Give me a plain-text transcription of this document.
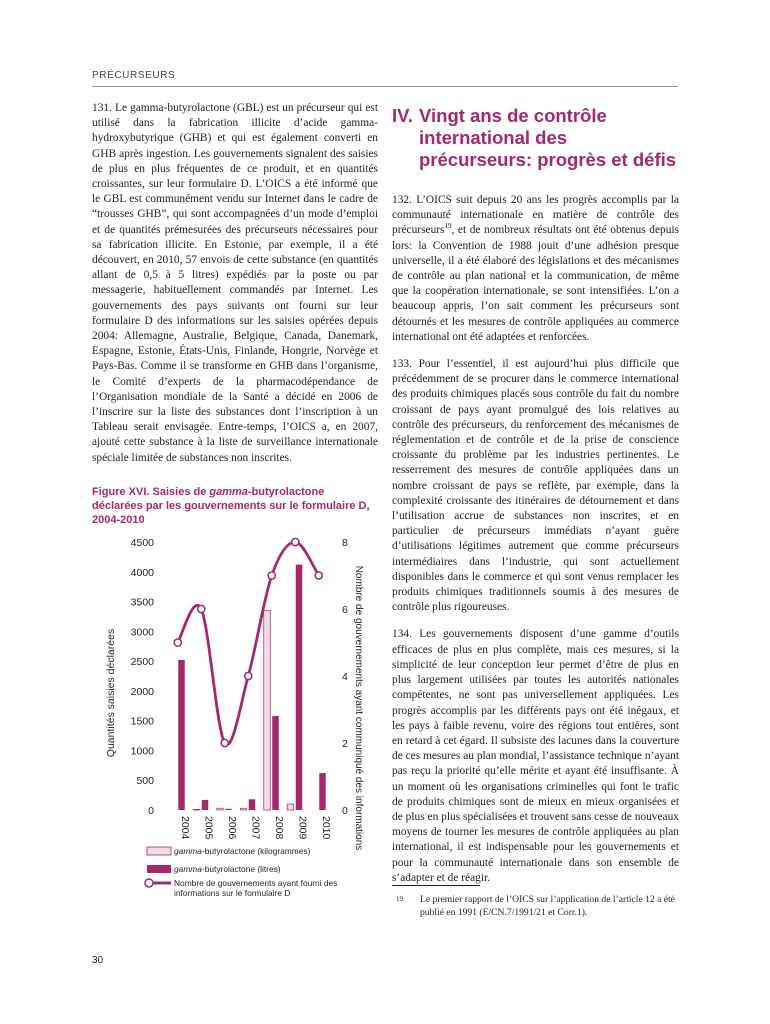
PRÉCURSEURS

131. Le gamma-butyrolactone (GBL) est un précurseur qui est utilisé dans la fabrication illicite d’acide gamma-hydroxybutyrique (GHB) et qui est également converti en GHB après ingestion. Les gouvernements signalent des saisies de plus en plus fréquentes de ce produit, et en quantités croissantes, sur leur formulaire D. L’OICS a été informé que le GBL est communément vendu sur Internet dans le cadre de “trousses GHB”, qui sont accompagnées d’un mode d’emploi et de quantités prémesurées des précurseurs nécessaires pour sa fabrication illicite. En Estonie, par exemple, il a été découvert, en 2010, 57 envois de cette substance (en quantités allant de 0,5 à 5 litres) expédiés par la poste ou par messagerie, habituellement commandés par Internet. Les gouvernements des pays suivants ont fourni sur leur formulaire D des informations sur les saisies opérées depuis 2004: Allemagne, Australie, Belgique, Canada, Danemark, Espagne, Estonie, États-Unis, Finlande, Hongrie, Norvège et Pays-Bas. Comme il se transforme en GHB dans l’organisme, le Comité d’experts de la pharmacodépendance de l’Organisation mondiale de la Santé a décidé en 2006 de l’inscrire sur la liste des substances dont l’inscription à un Tableau serait envisagée. Entre-temps, l’OICS a, en 2007, ajouté cette substance à la liste de surveillance internationale spéciale limitée de substances non inscrites.

Figure XVI. Saisies de gamma-butyrolactone déclarées par les gouvernements sur le formulaire D, 2004-2010
0
500
1000
1500
2000
2500
3000
3500
4000
4500
0
2
4
6
8
2004 2005 2006 2007 2008 2009 2010
Quantités saisies déclarées	Nombre de gouvernements ayant communiqué des informations
gamma-butyrolactone (kilogrammes)
gamma-butyrolactone (litres)
Nombre de gouvernements ayant fourni des informations sur le formulaire D
IV. Vingt ans de contrôle international des précurseurs: progrès et défis

132. L’OICS suit depuis 20 ans les progrès accomplis par la communauté internationale en matière de contrôle des précurseurs$^{19}$, et de nombreux résultats ont été obtenus depuis lors: la Convention de 1988 jouit d’une adhésion presque universelle, il a été élaboré des législations et des mécanismes de contrôle au plan national et la communication, de même que la coopération internationale, se sont intensifiées. L’on a beaucoup appris, l’on sait comment les précurseurs sont détournés et les mesures de contrôle appliquées au commerce international ont été adaptées et renforcées.

133. Pour l’essentiel, il est aujourd’hui plus difficile que précédemment de se procurer dans le commerce international des produits chimiques placés sous contrôle du fait du nombre croissant de pays ayant promulgué des lois relatives au contrôle des précurseurs, du renforcement des mécanismes de réglementation et de contrôle et de la prise de conscience croissante du problème par les industries pertinentes. Le resserrement des mesures de contrôle appliquées dans un nombre croissant de pays se reflète, par exemple, dans la complexité croissante des itinéraires de détournement et dans l’utilisation accrue de substances non inscrites, et en particulier de précurseurs immédiats n’ayant guère d’utilisations légitimes autrement que comme précurseurs intermédiaires dans l’industrie, qui sont actuellement disponibles dans le commerce et qui sont venus remplacer les produits chimiques traditionnels soumis à des mesures de contrôle plus rigoureuses.

134. Les gouvernements disposent d’une gamme d’outils efficaces de plus en plus complète, mais ces mesures, si la simplicité de leur conception leur permet d’être de plus en plus largement utilisées par toutes les autorités nationales compétentes, ne sont pas universellement appliquées. Les progrès accomplis par les différents pays ont été inégaux, et les pays à faible revenu, voire des régions tout entières, sont en retard à cet égard. Il subsiste des lacunes dans la couverture de ces mesures au plan mondial, l’assistance technique n’ayant pas reçu la priorité qu’elle mérite et ayant été insuffisante. À un moment où les organisations criminelles qui font le trafic de produits chimiques sont de mieux en mieux organisées et de plus en plus spécialisées et trouvent sans cesse de nouveaux moyens de tourner les mesures de contrôle appliquées au plan international, il est indispensable pour les gouvernements et pour la communauté internationale dans son ensemble de s’adapter et de réagir.

19	Le premier rapport de l’OICS sur l’application de l’article 12 a été publié en 1991 (E/CN.7/1991/21 et Corr.1).
30
